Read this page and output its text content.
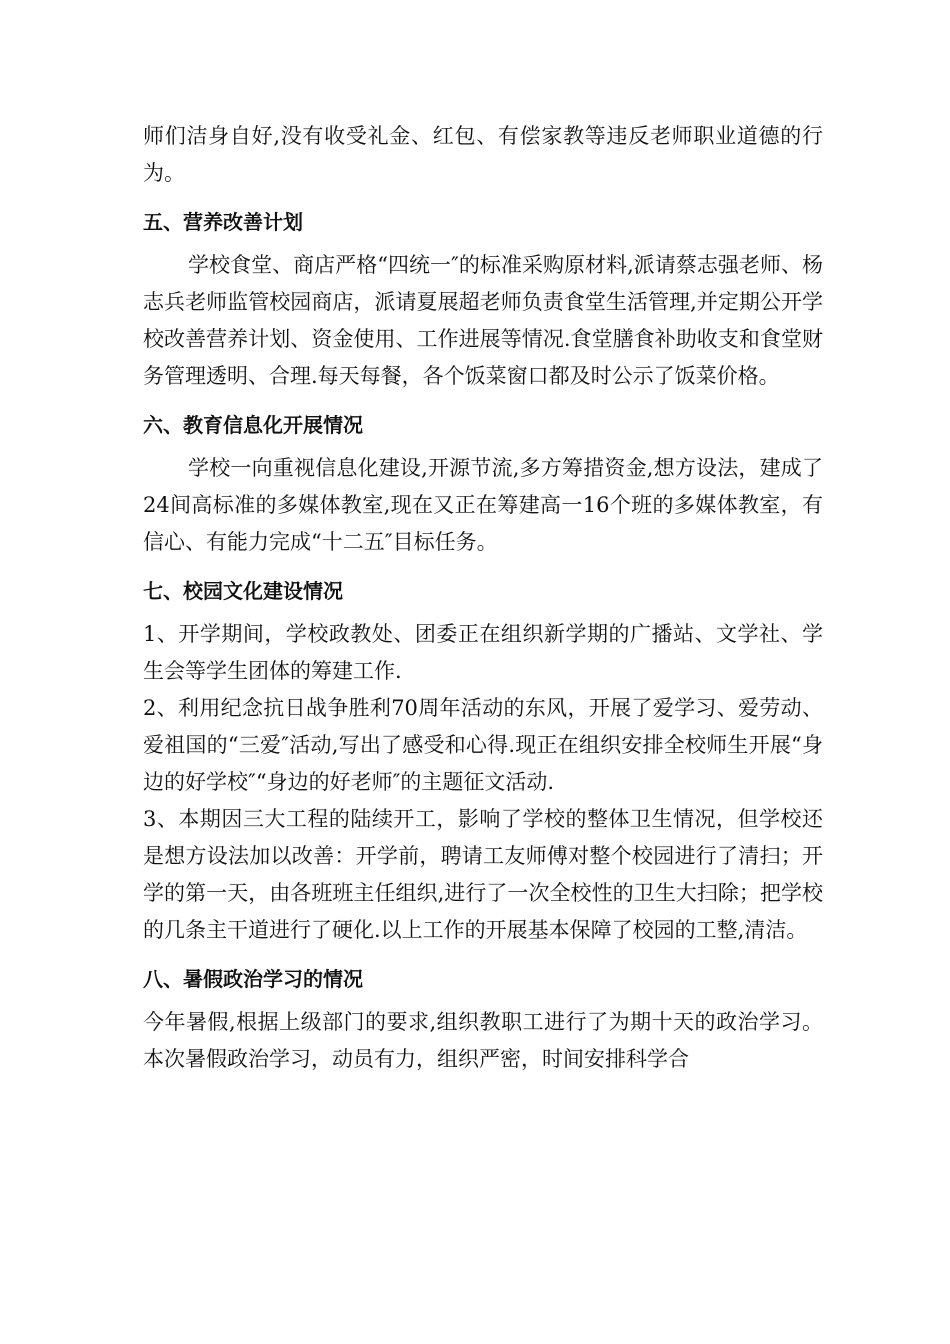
师们洁身自好,没有收受礼金、红包、有偿家教等违反老师职业道德的行为。

五、营养改善计划

学校食堂、商店严格“四统一″的标准采购原材料,派请蔡志强老师、杨志兵老师监管校园商店，派请夏展超老师负责食堂生活管理,并定期公开学校改善营养计划、资金使用、工作进展等情况.食堂膳食补助收支和食堂财务管理透明、合理.每天每餐，各个饭菜窗口都及时公示了饭菜价格。

六、教育信息化开展情况

学校一向重视信息化建设,开源节流,多方筹措资金,想方设法，建成了24间高标准的多媒体教室,现在又正在筹建高一16个班的多媒体教室，有信心、有能力完成“十二五″目标任务。

七、校园文化建设情况

1、开学期间，学校政教处、团委正在组织新学期的广播站、文学社、学生会等学生团体的筹建工作.

2、利用纪念抗日战争胜利70周年活动的东风，开展了爱学习、爱劳动、爱祖国的“三爱″活动,写出了感受和心得.现正在组织安排全校师生开展“身边的好学校″“身边的好老师″的主题征文活动.

3、本期因三大工程的陆续开工，影响了学校的整体卫生情况，但学校还是想方设法加以改善：开学前，聘请工友师傅对整个校园进行了清扫；开学的第一天，由各班班主任组织,进行了一次全校性的卫生大扫除；把学校的几条主干道进行了硬化.以上工作的开展基本保障了校园的工整,清洁。

八、暑假政治学习的情况

今年暑假,根据上级部门的要求,组织教职工进行了为期十天的政治学习。本次暑假政治学习，动员有力，组织严密，时间安排科学合
